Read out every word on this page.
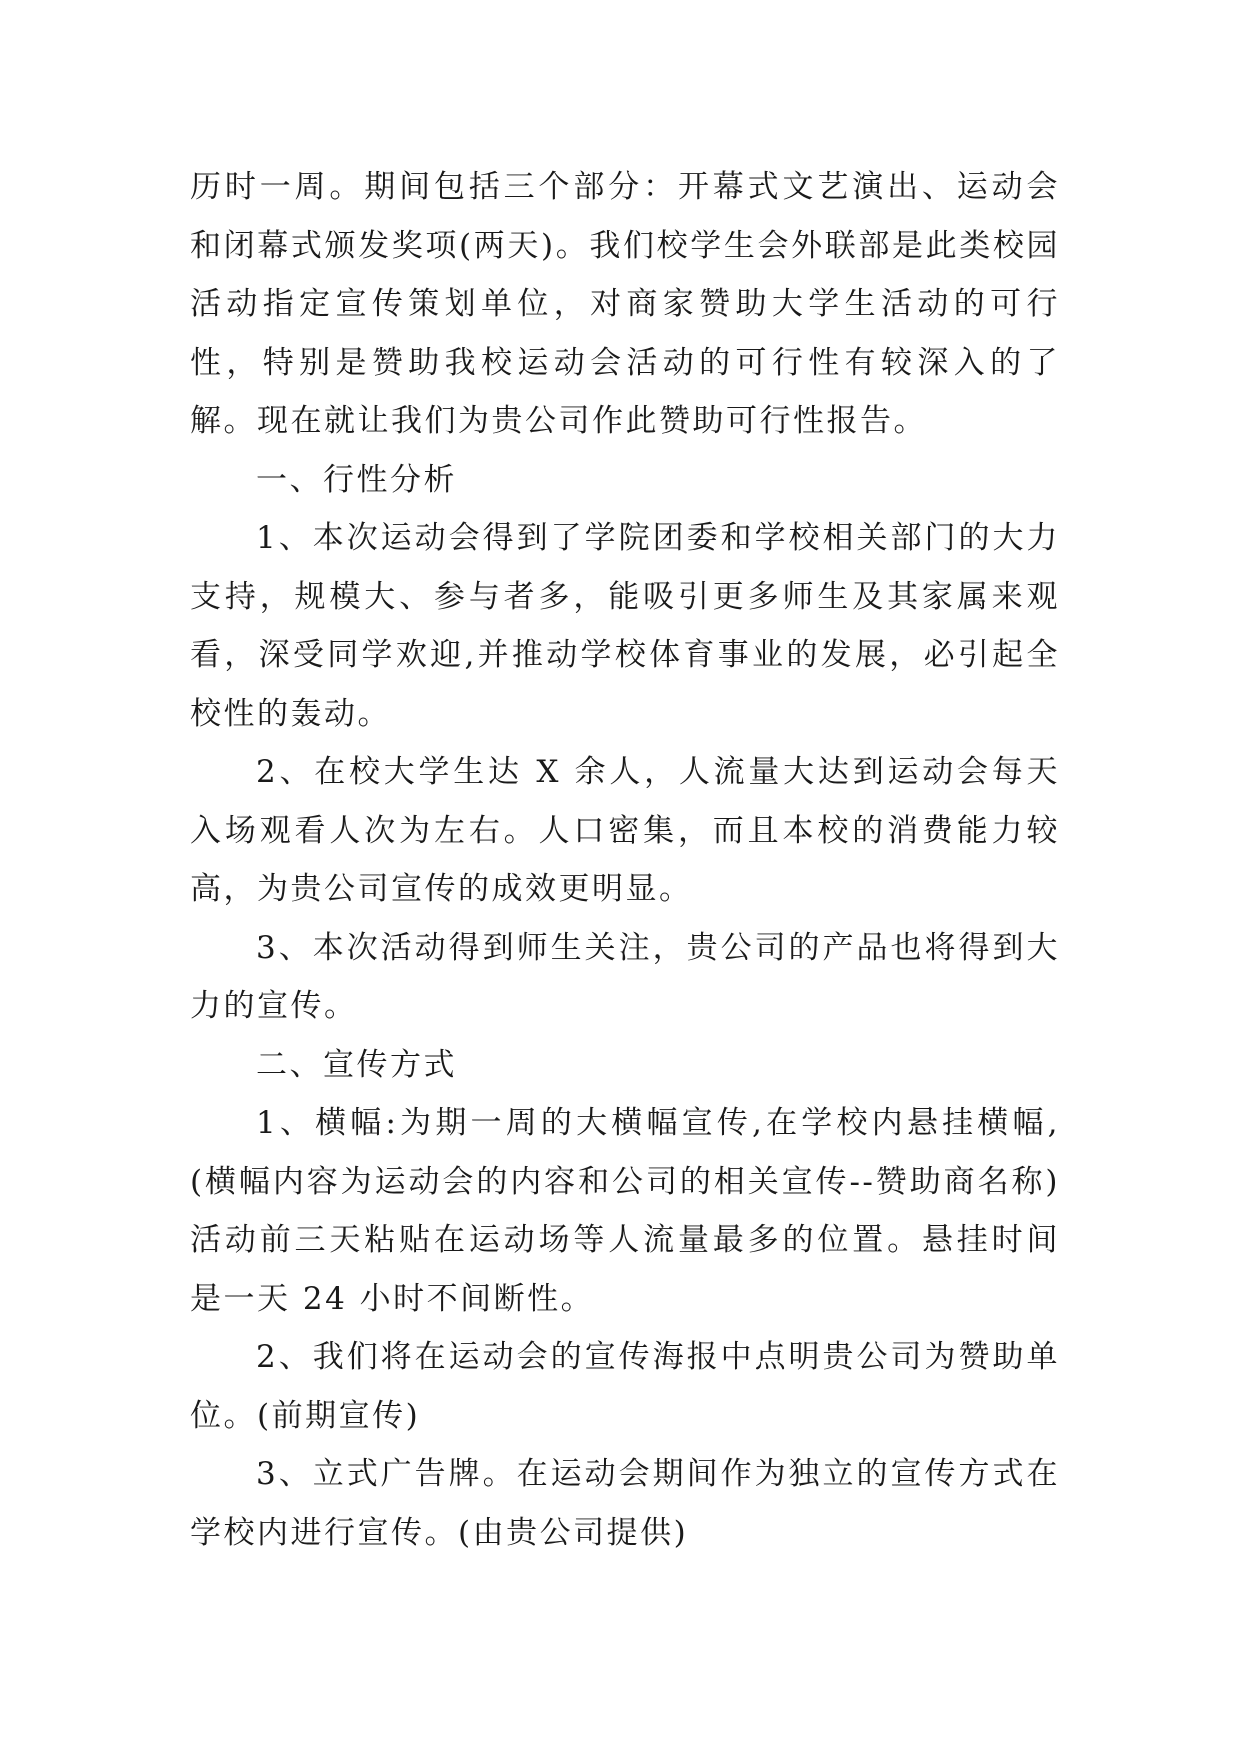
历时一周。期间包括三个部分：开幕式文艺演出、运动会和闭幕式颁发奖项(两天)。我们校学生会外联部是此类校园活动指定宣传策划单位，对商家赞助大学生活动的可行性，特别是赞助我校运动会活动的可行性有较深入的了解。现在就让我们为贵公司作此赞助可行性报告。

一、行性分析

1、本次运动会得到了学院团委和学校相关部门的大力支持，规模大、参与者多，能吸引更多师生及其家属来观看，深受同学欢迎,并推动学校体育事业的发展，必引起全校性的轰动。

2、在校大学生达 X 余人，人流量大达到运动会每天入场观看人次为左右。人口密集，而且本校的消费能力较高，为贵公司宣传的成效更明显。

3、本次活动得到师生关注，贵公司的产品也将得到大力的宣传。

二、宣传方式

1、横幅:为期一周的大横幅宣传,在学校内悬挂横幅,(横幅内容为运动会的内容和公司的相关宣传--赞助商名称)活动前三天粘贴在运动场等人流量最多的位置。悬挂时间是一天 24 小时不间断性。

2、我们将在运动会的宣传海报中点明贵公司为赞助单位。(前期宣传)

3、立式广告牌。在运动会期间作为独立的宣传方式在学校内进行宣传。(由贵公司提供)
